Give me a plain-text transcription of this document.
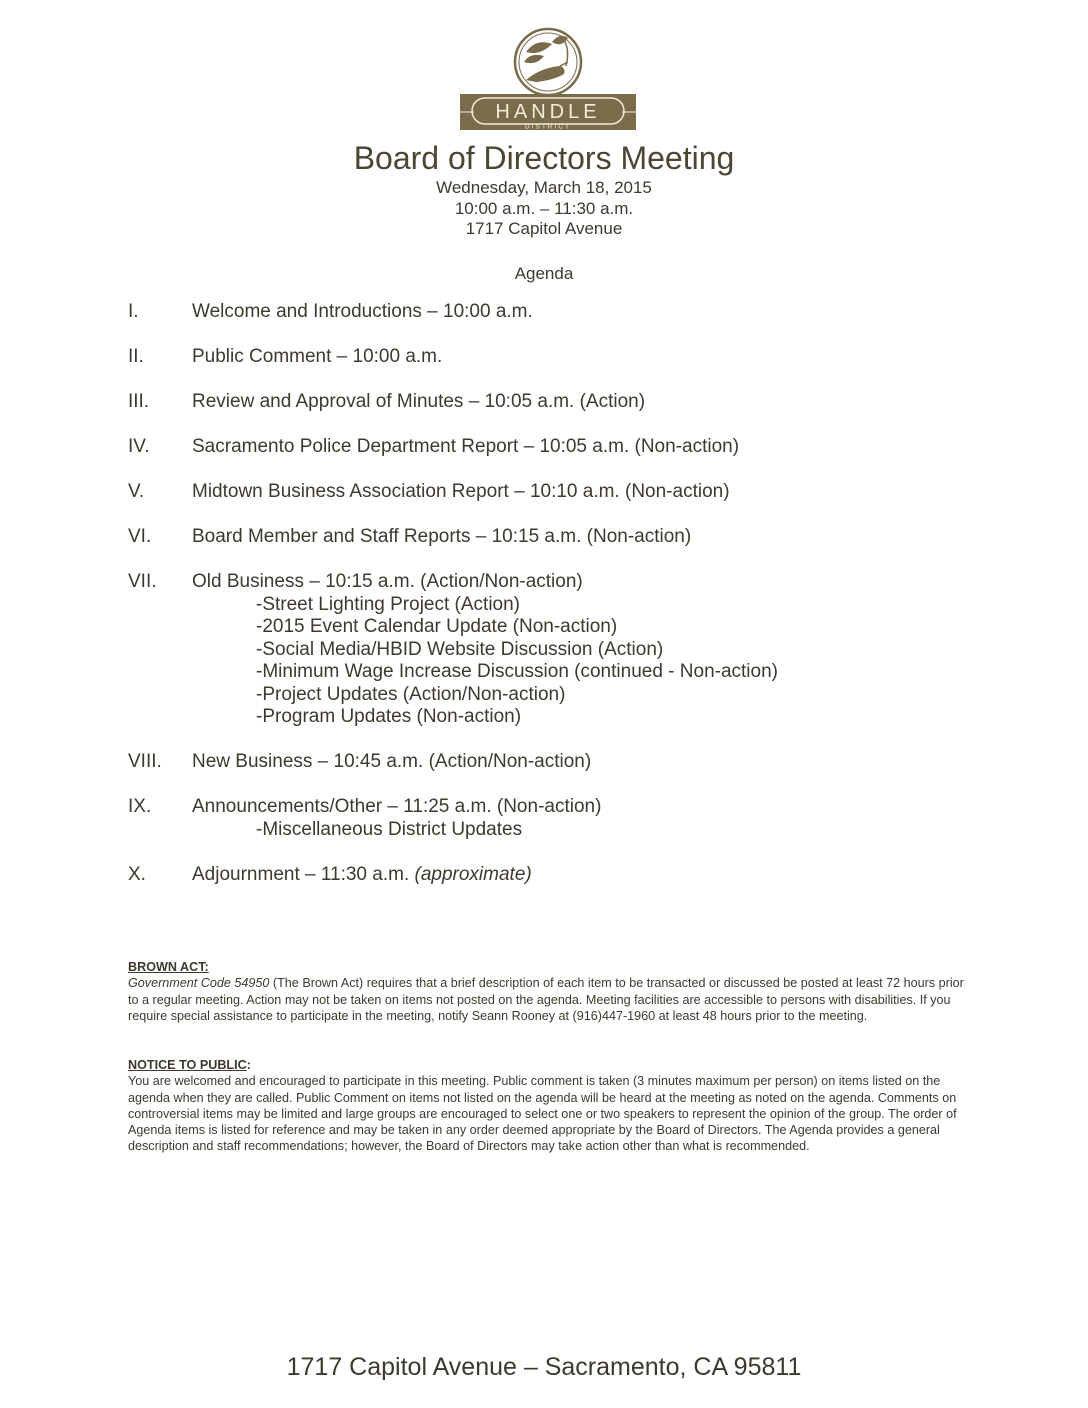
HANDLE
DISTRICT
Board of Directors Meeting
Wednesday, March 18, 2015
10:00 a.m. – 11:30 a.m.
1717 Capitol Avenue
Agenda
I.	Welcome and Introductions – 10:00 a.m.
II.	Public Comment – 10:00 a.m.
III. Review and Approval of Minutes – 10:05 a.m. (Action)
IV. Sacramento Police Department Report – 10:05 a.m. (Non-action)
V.	Midtown Business Association Report – 10:10 a.m. (Non-action)
VI. Board Member and Staff Reports – 10:15 a.m. (Non-action)
VII. Old Business – 10:15 a.m. (Action/Non-action)
-Street Lighting Project (Action)
-2015 Event Calendar Update (Non-action)
-Social Media/HBID Website Discussion (Action)
-Minimum Wage Increase Discussion (continued - Non-action)
-Project Updates (Action/Non-action)
-Program Updates (Non-action)
VIII. New Business – 10:45 a.m. (Action/Non-action)
IX. Announcements/Other – 11:25 a.m. (Non-action)
-Miscellaneous District Updates
X. Adjournment – 11:30 a.m. (approximate)

BROWN ACT:

Government Code 54950 (The Brown Act) requires that a brief description of each item to be transacted or discussed be posted at least 72 hours prior to a regular meeting. Action may not be taken on items not posted on the agenda. Meeting facilities are accessible to persons with disabilities. If you require special assistance to participate in the meeting, notify Seann Rooney at (916)447-1960 at least 48 hours prior to the meeting.

NOTICE TO PUBLIC:

You are welcomed and encouraged to participate in this meeting. Public comment is taken (3 minutes maximum per person) on items listed on the agenda when they are called. Public Comment on items not listed on the agenda will be heard at the meeting as noted on the agenda. Comments on controversial items may be limited and large groups are encouraged to select one or two speakers to represent the opinion of the group. The order of Agenda items is listed for reference and may be taken in any order deemed appropriate by the Board of Directors. The Agenda provides a general description and staff recommendations; however, the Board of Directors may take action other than what is recommended.

1717 Capitol Avenue – Sacramento, CA 95811
